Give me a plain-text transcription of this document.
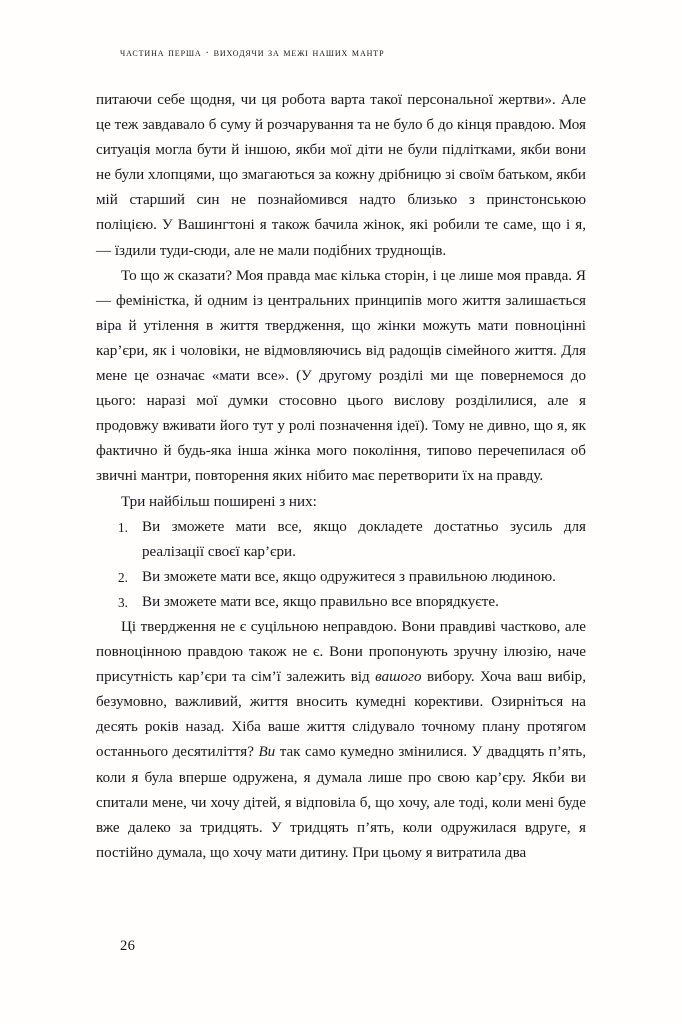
частина перша · виходячи за межі наших мантр

питаючи себе щодня, чи ця робота варта такої персональної жертви». Але це теж завдавало б суму й розчарування та не було б до кінця правдою. Моя ситуація могла бути й іншою, якби мої діти не були підлітками, якби вони не були хлопцями, що змагаються за кожну дрібницю зі своїм батьком, якби мій старший син не познайомився надто близько з принстонською поліцією. У Вашингтоні я також бачила жінок, які робили те саме, що і я, — їздили туди-сюди, але не мали подібних труднощів.

То що ж сказати? Моя правда має кілька сторін, і це лише моя правда. Я — феміністка, й одним із центральних принципів мого життя залишається віра й утілення в життя твердження, що жінки можуть мати повноцінні кар’єри, як і чоловіки, не відмовляючись від радощів сімейного життя. Для мене це означає «мати все». (У другому розділі ми ще повернемося до цього: наразі мої думки стосовно цього вислову розділилися, але я продовжу вживати його тут у ролі позначення ідеї). Тому не дивно, що я, як фактично й будь-яка інша жінка мого покоління, типово перечепилася об звичні мантри, повторення яких нібито має перетворити їх на правду.

Три найбільш поширені з них:

1. Ви зможете мати все, якщо докладете достатньо зусиль для реалізації своєї кар’єри.
2. Ви зможете мати все, якщо одружитеся з правильною людиною.
3. Ви зможете мати все, якщо правильно все впорядкуєте.

Ці твердження не є суцільною неправдою. Вони правдиві частково, але повноцінною правдою також не є. Вони пропонують зручну ілюзію, наче присутність кар’єри та сім’ї залежить від вашого вибору. Хоча ваш вибір, безумовно, важливий, життя вносить кумедні корективи. Озирніться на десять років назад. Хіба ваше життя слідувало точному плану протягом останнього десятиліття? Ви так само кумедно змінилися. У двадцять п’ять, коли я була вперше одружена, я думала лише про свою кар’єру. Якби ви спитали мене, чи хочу дітей, я відповіла б, що хочу, але тоді, коли мені буде вже далеко за тридцять. У тридцять п’ять, коли одружилася вдруге, я постійно думала, що хочу мати дитину. При цьому я витратила два

26
